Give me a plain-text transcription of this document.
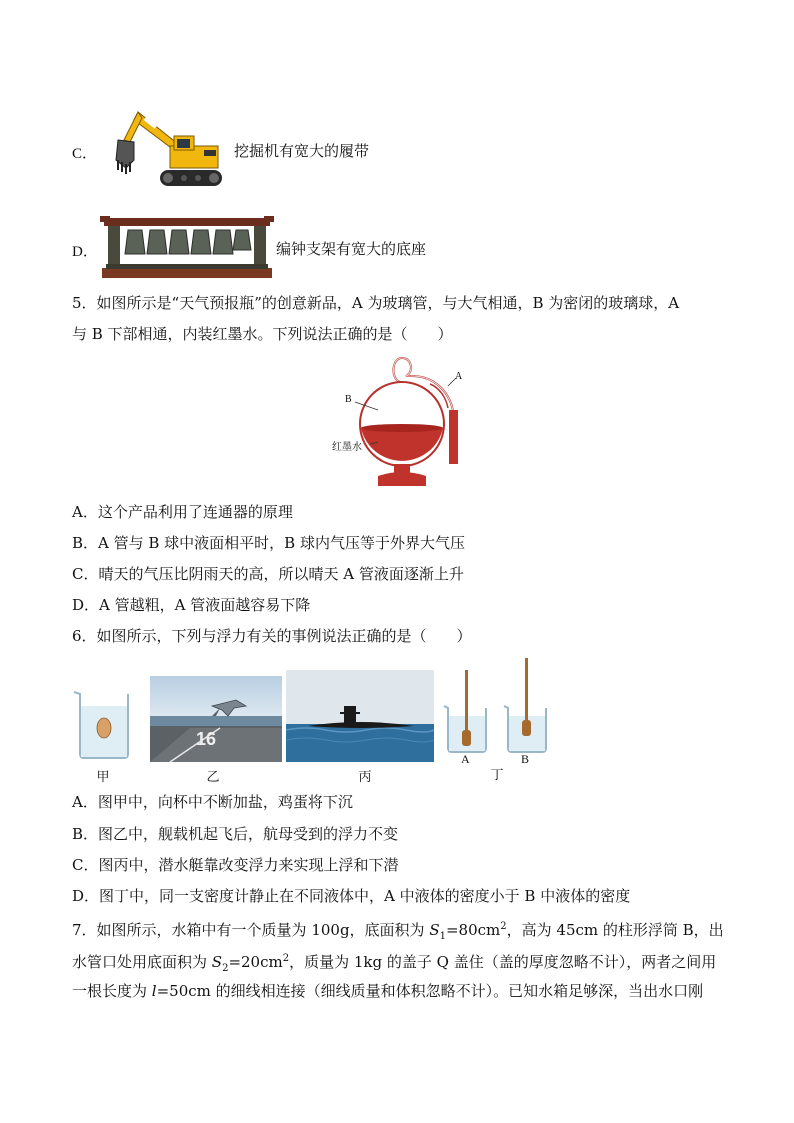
C．	挖掘机有宽大的履带
D．	编钟支架有宽大的底座
5．如图所示是“天气预报瓶”的创意新品，A 为玻璃管，与大气相通，B 为密闭的玻璃球，A
与 B 下部相通，内装红墨水。下列说法正确的是（　　）
B
A
红墨水
A．这个产品利用了连通器的原理
B．A 管与 B 球中液面相平时，B 球内气压等于外界大气压
C．晴天的气压比阴雨天的高，所以晴天 A 管液面逐渐上升
D．A 管越粗，A 管液面越容易下降
6．如图所示，下列与浮力有关的事例说法正确的是（　　）
甲
16
乙	丙
A	B
丁
A．图甲中，向杯中不断加盐，鸡蛋将下沉
B．图乙中，舰载机起飞后，航母受到的浮力不变
C．图丙中，潜水艇靠改变浮力来实现上浮和下潜
D．图丁中，同一支密度计静止在不同液体中，A 中液体的密度小于 B 中液体的密度
7．如图所示，水箱中有一个质量为 100g，底面积为 $S_1=80cm^2$，高为 45cm 的柱形浮筒 B，出
水管口处用底面积为 $S_2=20cm^2$，质量为 1kg 的盖子 Q 盖住（盖的厚度忽略不计），两者之间用
一根长度为 l=50cm 的细线相连接（细线质量和体积忽略不计）。已知水箱足够深，当出水口刚
